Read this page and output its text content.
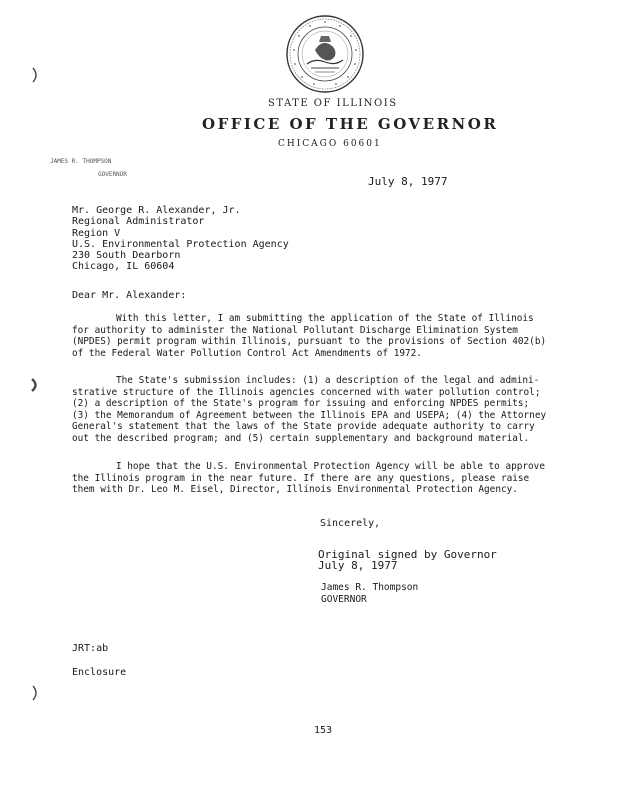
STATE OF ILLINOIS
OFFICE OF THE GOVERNOR
CHICAGO 60601
JAMES R. THOMPSON
GOVERNOR
July 8, 1977
Mr. George R. Alexander, Jr.
Regional Administrator
Region V
U.S. Environmental Protection Agency
230 South Dearborn
Chicago, IL 60604
Dear Mr. Alexander:
With this letter, I am submitting the application of the State of Illinois
for authority to administer the National Pollutant Discharge Elimination System
(NPDES) permit program within Illinois, pursuant to the provisions of Section 402(b)
of the Federal Water Pollution Control Act Amendments of 1972.
The State's submission includes: (1) a description of the legal and admini-
strative structure of the Illinois agencies concerned with water pollution control;
(2) a description of the State's program for issuing and enforcing NPDES permits;
(3) the Memorandum of Agreement between the Illinois EPA and USEPA; (4) the Attorney
General's statement that the laws of the State provide adequate authority to carry
out the described program; and (5) certain supplementary and background material.
I hope that the U.S. Environmental Protection Agency will be able to approve
the Illinois program in the near future. If there are any questions, please raise
them with Dr. Leo M. Eisel, Director, Illinois Environmental Protection Agency.
Sincerely,
Original signed by Governor
July 8, 1977
James R. Thompson
GOVERNOR
JRT:ab
Enclosure
153
